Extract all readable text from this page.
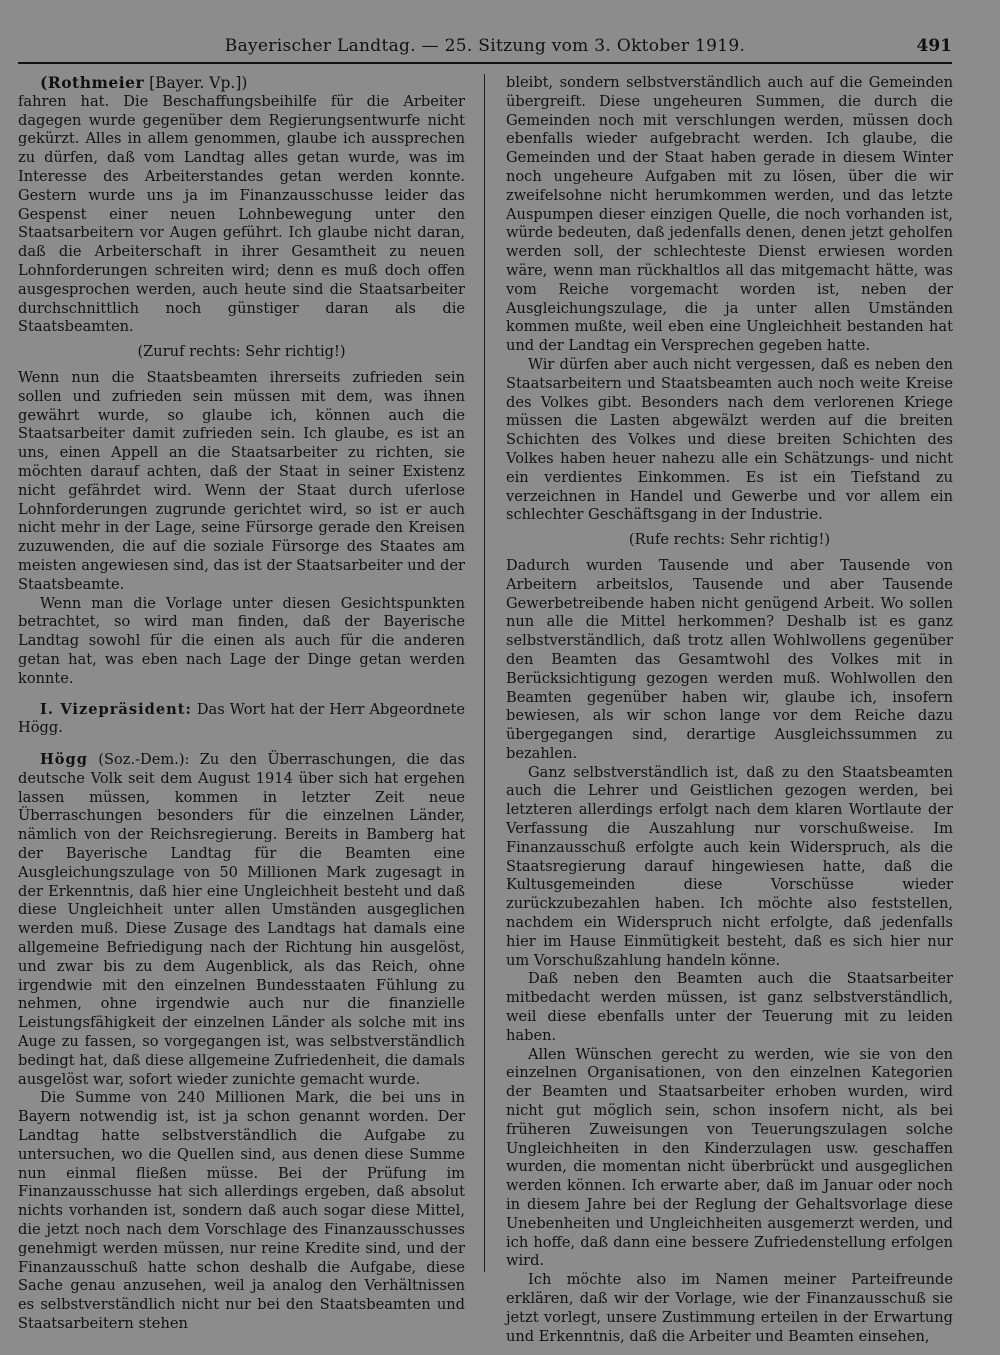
Bayerischer Landtag. — 25. Sitzung vom 3. Oktober 1919.	491

(Rothmeier [Bayer. Vp.])

fahren hat. Die Beschaffungsbeihilfe für die Arbeiter dagegen wurde gegenüber dem Regierungsentwurfe nicht gekürzt. Alles in allem genommen, glaube ich aussprechen zu dürfen, daß vom Landtag alles getan wurde, was im Interesse des Arbeiterstandes getan werden konnte. Gestern wurde uns ja im Finanzausschusse leider das Gespenst einer neuen Lohnbewegung unter den Staatsarbeitern vor Augen geführt. Ich glaube nicht daran, daß die Arbeiterschaft in ihrer Gesamtheit zu neuen Lohnforderungen schreiten wird; denn es muß doch offen ausgesprochen werden, auch heute sind die Staatsarbeiter durchschnittlich noch günstiger daran als die Staatsbeamten.

(Zuruf rechts: Sehr richtig!)

Wenn nun die Staatsbeamten ihrerseits zufrieden sein sollen und zufrieden sein müssen mit dem, was ihnen gewährt wurde, so glaube ich, können auch die Staatsarbeiter damit zufrieden sein. Ich glaube, es ist an uns, einen Appell an die Staatsarbeiter zu richten, sie möchten darauf achten, daß der Staat in seiner Existenz nicht gefährdet wird. Wenn der Staat durch uferlose Lohnforderungen zugrunde gerichtet wird, so ist er auch nicht mehr in der Lage, seine Fürsorge gerade den Kreisen zuzuwenden, die auf die soziale Fürsorge des Staates am meisten angewiesen sind, das ist der Staatsarbeiter und der Staatsbeamte.

Wenn man die Vorlage unter diesen Gesichtspunkten betrachtet, so wird man finden, daß der Bayerische Landtag sowohl für die einen als auch für die anderen getan hat, was eben nach Lage der Dinge getan werden konnte.

I. Vizepräsident: Das Wort hat der Herr Abgeordnete Högg.

Högg (Soz.-Dem.): Zu den Überraschungen, die das deutsche Volk seit dem August 1914 über sich hat ergehen lassen müssen, kommen in letzter Zeit neue Überraschungen besonders für die einzelnen Länder, nämlich von der Reichsregierung. Bereits in Bamberg hat der Bayerische Landtag für die Beamten eine Ausgleichungszulage von 50 Millionen Mark zugesagt in der Erkenntnis, daß hier eine Ungleichheit besteht und daß diese Ungleichheit unter allen Umständen ausgeglichen werden muß. Diese Zusage des Landtags hat damals eine allgemeine Befriedigung nach der Richtung hin ausgelöst, und zwar bis zu dem Augenblick, als das Reich, ohne irgendwie mit den einzelnen Bundesstaaten Fühlung zu nehmen, ohne irgendwie auch nur die finanzielle Leistungsfähigkeit der einzelnen Länder als solche mit ins Auge zu fassen, so vorgegangen ist, was selbstverständlich bedingt hat, daß diese allgemeine Zufriedenheit, die damals ausgelöst war, sofort wieder zunichte gemacht wurde.

Die Summe von 240 Millionen Mark, die bei uns in Bayern notwendig ist, ist ja schon genannt worden. Der Landtag hatte selbstverständlich die Aufgabe zu untersuchen, wo die Quellen sind, aus denen diese Summe nun einmal fließen müsse. Bei der Prüfung im Finanzausschusse hat sich allerdings ergeben, daß absolut nichts vorhanden ist, sondern daß auch sogar diese Mittel, die jetzt noch nach dem Vorschlage des Finanzausschusses genehmigt werden müssen, nur reine Kredite sind, und der Finanzausschuß hatte schon deshalb die Aufgabe, diese Sache genau anzusehen, weil ja analog den Verhältnissen es selbstverständlich nicht nur bei den Staatsbeamten und Staatsarbeitern stehen

bleibt, sondern selbstverständlich auch auf die Gemeinden übergreift. Diese ungeheuren Summen, die durch die Gemeinden noch mit verschlungen werden, müssen doch ebenfalls wieder aufgebracht werden. Ich glaube, die Gemeinden und der Staat haben gerade in diesem Winter noch ungeheure Aufgaben mit zu lösen, über die wir zweifelsohne nicht herumkommen werden, und das letzte Auspumpen dieser einzigen Quelle, die noch vorhanden ist, würde bedeuten, daß jedenfalls denen, denen jetzt geholfen werden soll, der schlechteste Dienst erwiesen worden wäre, wenn man rückhaltlos all das mitgemacht hätte, was vom Reiche vorgemacht worden ist, neben der Ausgleichungszulage, die ja unter allen Umständen kommen mußte, weil eben eine Ungleichheit bestanden hat und der Landtag ein Versprechen gegeben hatte.

Wir dürfen aber auch nicht vergessen, daß es neben den Staatsarbeitern und Staatsbeamten auch noch weite Kreise des Volkes gibt. Besonders nach dem verlorenen Kriege müssen die Lasten abgewälzt werden auf die breiten Schichten des Volkes und diese breiten Schichten des Volkes haben heuer nahezu alle ein Schätzungs- und nicht ein verdientes Einkommen. Es ist ein Tiefstand zu verzeichnen in Handel und Gewerbe und vor allem ein schlechter Geschäftsgang in der Industrie.

(Rufe rechts: Sehr richtig!)

Dadurch wurden Tausende und aber Tausende von Arbeitern arbeitslos, Tausende und aber Tausende Gewerbetreibende haben nicht genügend Arbeit. Wo sollen nun alle die Mittel herkommen? Deshalb ist es ganz selbstverständlich, daß trotz allen Wohlwollens gegenüber den Beamten das Gesamtwohl des Volkes mit in Berücksichtigung gezogen werden muß. Wohlwollen den Beamten gegenüber haben wir, glaube ich, insofern bewiesen, als wir schon lange vor dem Reiche dazu übergegangen sind, derartige Ausgleichssummen zu bezahlen.

Ganz selbstverständlich ist, daß zu den Staatsbeamten auch die Lehrer und Geistlichen gezogen werden, bei letzteren allerdings erfolgt nach dem klaren Wortlaute der Verfassung die Auszahlung nur vorschußweise. Im Finanzausschuß erfolgte auch kein Widerspruch, als die Staatsregierung darauf hingewiesen hatte, daß die Kultusgemeinden diese Vorschüsse wieder zurückzubezahlen haben. Ich möchte also feststellen, nachdem ein Widerspruch nicht erfolgte, daß jedenfalls hier im Hause Einmütigkeit besteht, daß es sich hier nur um Vorschußzahlung handeln könne.

Daß neben den Beamten auch die Staatsarbeiter mitbedacht werden müssen, ist ganz selbstverständlich, weil diese ebenfalls unter der Teuerung mit zu leiden haben.

Allen Wünschen gerecht zu werden, wie sie von den einzelnen Organisationen, von den einzelnen Kategorien der Beamten und Staatsarbeiter erhoben wurden, wird nicht gut möglich sein, schon insofern nicht, als bei früheren Zuweisungen von Teuerungszulagen solche Ungleichheiten in den Kinderzulagen usw. geschaffen wurden, die momentan nicht überbrückt und ausgeglichen werden können. Ich erwarte aber, daß im Januar oder noch in diesem Jahre bei der Reglung der Gehaltsvorlage diese Unebenheiten und Ungleichheiten ausgemerzt werden, und ich hoffe, daß dann eine bessere Zufriedenstellung erfolgen wird.

Ich möchte also im Namen meiner Parteifreunde erklären, daß wir der Vorlage, wie der Finanzausschuß sie jetzt vorlegt, unsere Zustimmung erteilen in der Erwartung und Erkenntnis, daß die Arbeiter und Beamten einsehen,
